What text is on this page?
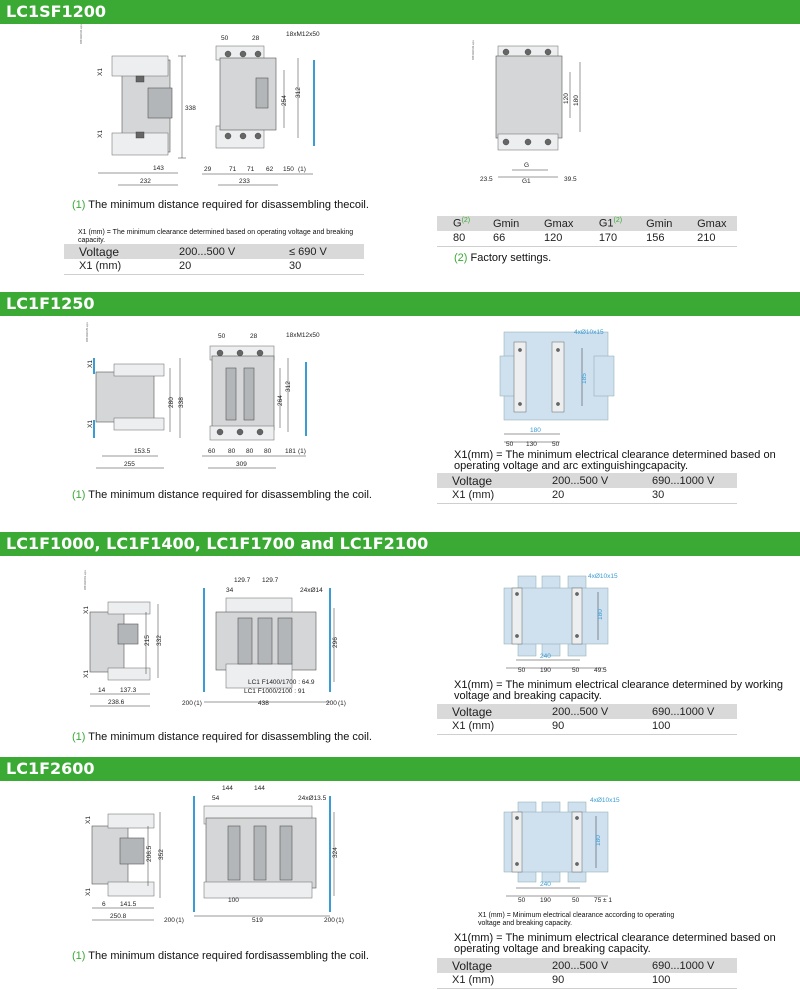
LC1SF1200
DB402036.eps
338
X1
X1
143
232
50	28
18xM12x50
312
254
29	71 71 62 150 (1)
233
DB402039.eps
120 180
G
23.5	G1	39.5
(1) The minimum distance required for disassembling thecoil.
X1 (mm) = The minimum clearance determined based on operating voltage and breaking capacity.
Voltage	200...500 V	≤ 690 V
X1 (mm)	20	30
$G^{(2)}$	Gmin	Gmax	G1$^{(2)}$	Gmin	Gmax
80	66	120	170	156	210
(2) Factory settings.
LC1F1250
DB402035.eps
X1
X1
280 338
153.5
255
50	28	18xM12x50
312
264
60 80 80 80 181 (1)
309
4xØ10x15
185
180
50 130 50
X1(mm) = The minimum electrical clearance determined based on operating voltage and arc extinguishingcapacity.
Voltage	200...500 V	690...1000 V
X1 (mm)	20	30
(1) The minimum distance required for disassembling the coil.
LC1F1000, LC1F1400, LC1F1700 and LC1F2100
DB402001.eps
X1
X1
215 332
14 137.3
238.6
129.7 129.7
34	24xØ14
296
LC1 F1400/1700 : 64.9
LC1 F1000/2100 : 91
200 (1)	438	200 (1)
4xØ10x15
180
240
50 190	50 49.5
X1(mm) = The minimum electrical clearance determined by working voltage and breaking capacity.
Voltage	200...500 V	690...1000 V
X1 (mm)	90	100
(1) The minimum distance required for disassembling the coil.
LC1F2600
X1
X1
206.5 352
6 141.5
250.8
144	144
54	24xØ13.5
324
100
200 (1)	519	200 (1)
4xØ10x15
180
240
50 190	50 75 ± 1
X1 (mm) = Minimum electrical clearance according to operating voltage and breaking capacity.
X1(mm) = The minimum electrical clearance determined based on operating voltage and breaking capacity.
Voltage	200...500 V	690...1000 V
X1 (mm)	90	100
(1) The minimum distance required fordisassembling the coil.
